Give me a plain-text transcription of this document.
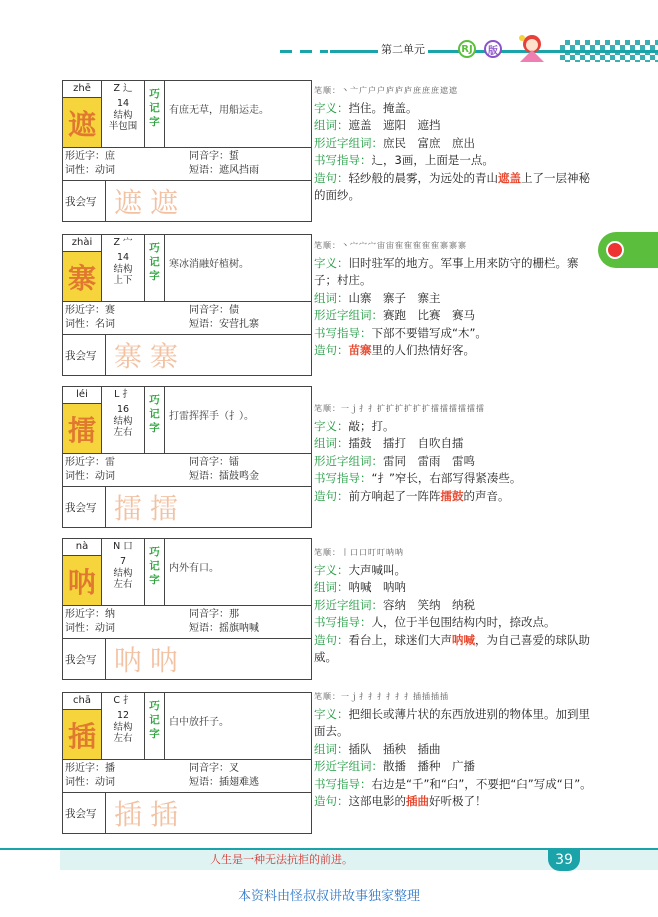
第二单元	RJ	版
zhē
遮
Z 辶
14
结构
半包围
巧
记
字
有庶无草，用船运走。
形近字：庶	同音字：蜇
词性：动词	短语：遮风挡雨
我会写 遮遮
zhài
寨
Z 宀
14
结构
上下
巧
记
字
寒冰消融好植树。
形近字：赛	同音字：债
词性：名词	短语：安营扎寨
我会写 寨寨
léi
擂
L 扌
16
结构
左右
巧
记
字
打雷挥挥手（扌）。
形近字：雷	同音字：镭
词性：动词	短语：擂鼓鸣金
我会写 擂擂
nà
呐
N 口
7
结构
左右
巧
记
字
内外有口。
形近字：纳	同音字：那
词性：动词	短语：摇旗呐喊
我会写 呐呐
chā
插
C 扌
12
结构
左右
巧
记
字
白中放扦子。
形近字：播	同音字：叉
词性：动词	短语：插翅难逃
我会写 插插
笔顺：丶亠广户户庐庐庐庶庶庶遮遮
字义：挡住。掩盖。
组词：遮盖　遮阳　遮挡
形近字组词：庶民　富庶　庶出
书写指导：辶，3画，上面是一点。
造句：轻纱般的晨雾，为远处的青山遮盖上了一层神秘的面纱。
笔顺：丶宀宀宀宙宙寉寉寉寉寉寨寨寨
字义：旧时驻军的地方。军事上用来防守的栅栏。寨子；村庄。
组词：山寨　寨子　寨主
形近字组词：赛跑　比赛　赛马
书写指导：下部不要错写成“木”。
造句：苗寨里的人们热情好客。
笔顺：一ｊ扌扌扩扩扩扩扩扩擂擂擂擂擂擂
字义：敲；打。
组词：擂鼓　擂打　自吹自擂
形近字组词：雷同　雷雨　雷鸣
书写指导：“扌”窄长，右部写得紧凑些。
造句：前方响起了一阵阵擂鼓的声音。
笔顺：丨口口叮叮呐呐
字义：大声喊叫。
组词：呐喊　呐呐
形近字组词：容纳　笑纳　纳税
书写指导：人，位于半包围结构内时，捺改点。
造句：看台上，球迷们大声呐喊，为自己喜爱的球队助威。
笔顺：一ｊ扌扌扌扌扌扌插插插插
字义：把细长或薄片状的东西放进别的物体里。加到里面去。
组词：插队　插秧　插曲
形近字组词：散播　播种　广播
书写指导：右边是“千”和“臼”，不要把“臼”写成“日”。
造句：这部电影的插曲好听极了！
人生是一种无法抗拒的前进。	39
本资料由怪叔叔讲故事独家整理
